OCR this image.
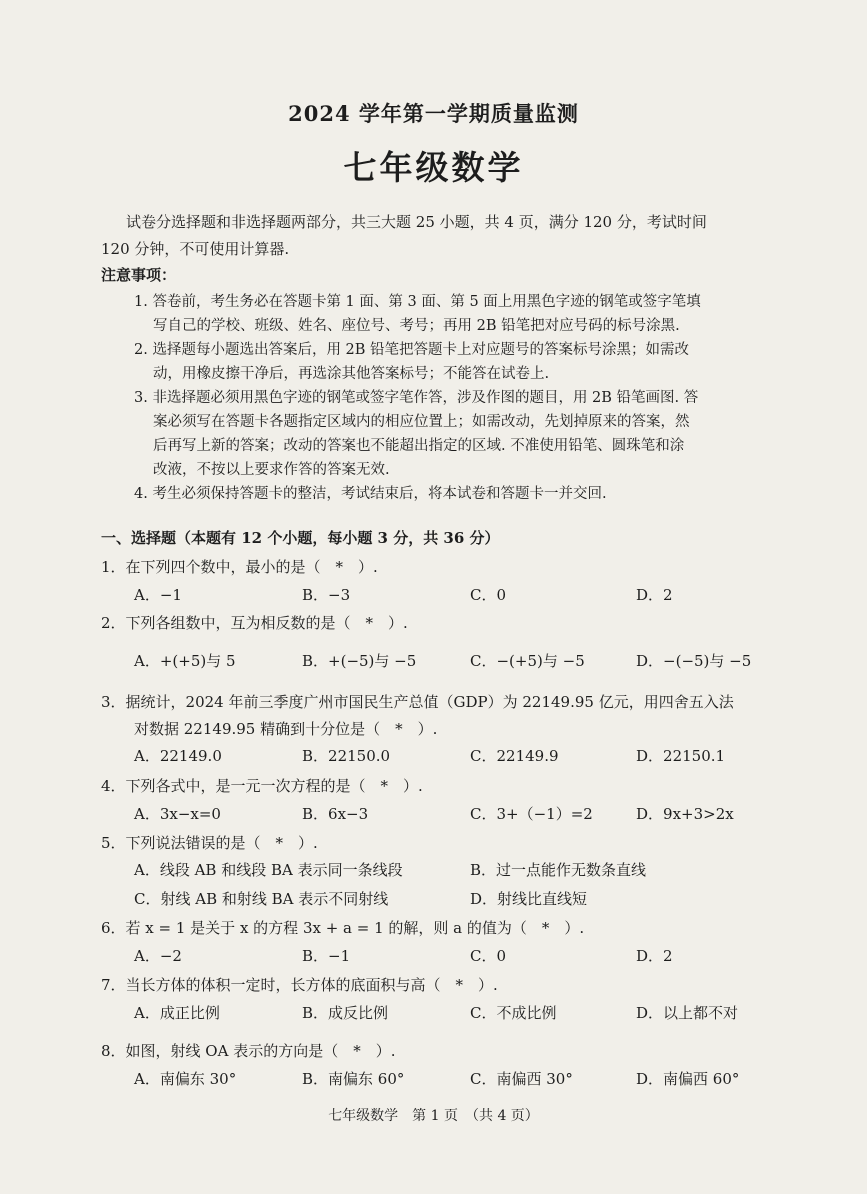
2024 学年第一学期质量监测
七年级数学
试卷分选择题和非选择题两部分，共三大题 25 小题，共 4 页，满分 120 分，考试时间
120 分钟，不可使用计算器.
注意事项：
1. 答卷前，考生务必在答题卡第 1 面、第 3 面、第 5 面上用黑色字迹的钢笔或签字笔填
写自己的学校、班级、姓名、座位号、考号；再用 2B 铅笔把对应号码的标号涂黑.
2. 选择题每小题选出答案后，用 2B 铅笔把答题卡上对应题号的答案标号涂黑；如需改
动，用橡皮擦干净后，再选涂其他答案标号；不能答在试卷上.
3. 非选择题必须用黑色字迹的钢笔或签字笔作答，涉及作图的题目，用 2B 铅笔画图. 答
案必须写在答题卡各题指定区域内的相应位置上；如需改动，先划掉原来的答案，然
后再写上新的答案；改动的答案也不能超出指定的区域. 不准使用铅笔、圆珠笔和涂
改液，不按以上要求作答的答案无效.
4. 考生必须保持答题卡的整洁，考试结束后，将本试卷和答题卡一并交回.
一、选择题（本题有 12 个小题，每小题 3 分，共 36 分）
1．在下列四个数中，最小的是（　*　）.
A．−1	B．−3	C．0	D．2
2．下列各组数中，互为相反数的是（　*　）.
A．+(+5)与 5	B．+(−5)与 −5	C．−(+5)与 −5	D．−(−5)与 −5
3．据统计，2024 年前三季度广州市国民生产总值（GDP）为 22149.95 亿元，用四舍五入法
对数据 22149.95 精确到十分位是（　*　）.
A．22149.0	B．22150.0	C．22149.9	D．22150.1
4．下列各式中，是一元一次方程的是（　*　）.
A．3x−x=0	B．6x−3	C．3+（−1）=2	D．9x+3>2x
5．下列说法错误的是（　*　）.
A．线段 AB 和线段 BA 表示同一条线段	B．过一点能作无数条直线
C．射线 AB 和射线 BA 表示不同射线	D．射线比直线短
6．若 x = 1 是关于 x 的方程 3x + a = 1 的解，则 a 的值为（　*　）.
A．−2	B．−1	C．0	D．2
7．当长方体的体积一定时，长方体的底面积与高（　*　）.
A．成正比例	B．成反比例	C．不成比例	D．以上都不对
8．如图，射线 OA 表示的方向是（　*　）.
A．南偏东 30°	B．南偏东 60°	C．南偏西 30°	D．南偏西 60°
七年级数学　第 1 页　（共 4 页）
